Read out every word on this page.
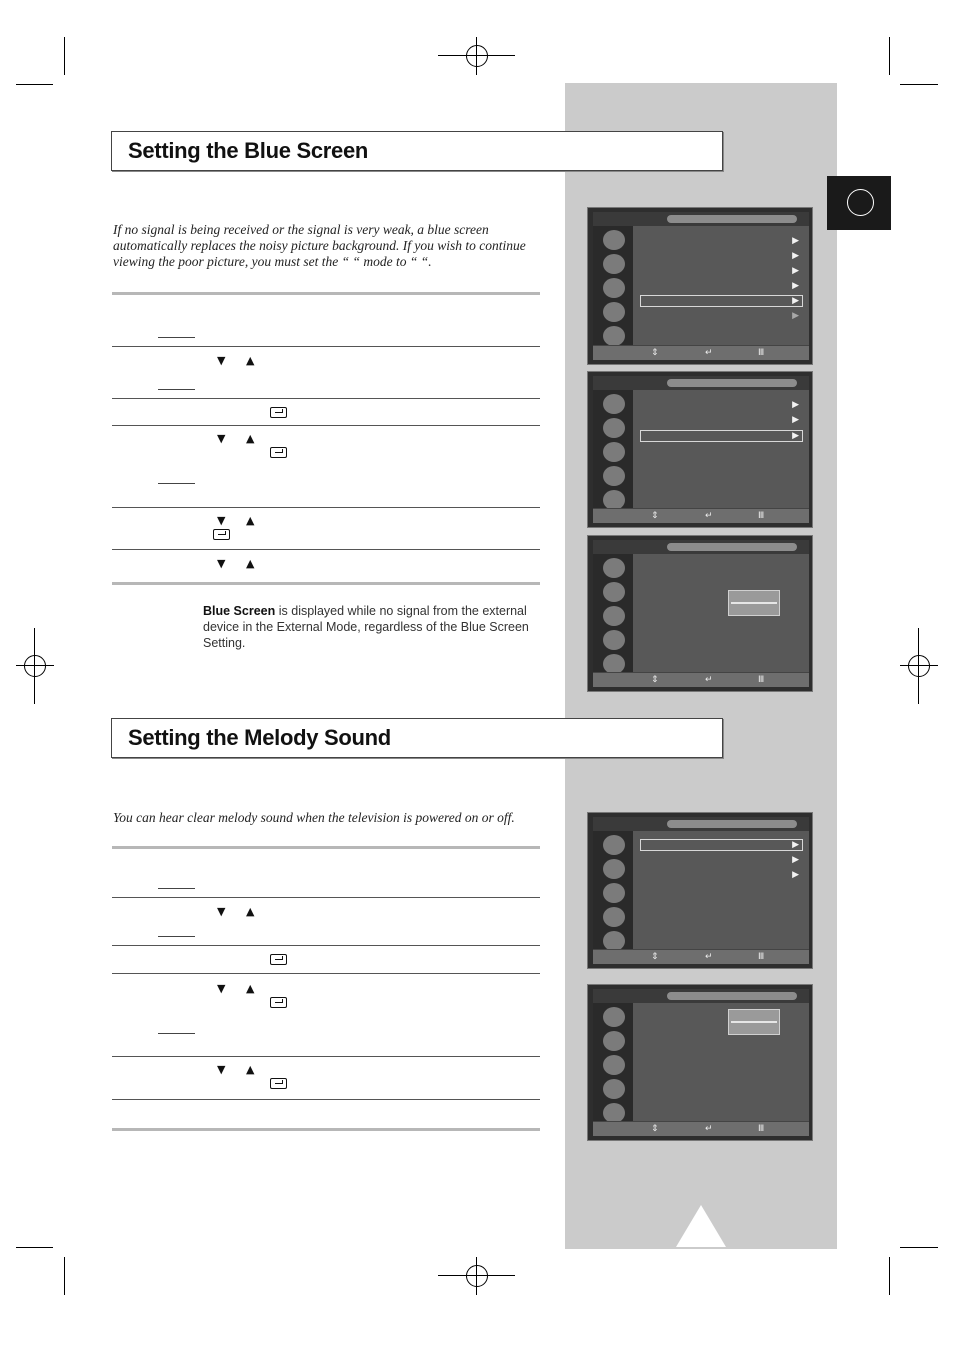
Setting the Blue Screen
If no signal is being received or the signal is very weak, a blue screen automatically replaces the noisy picture background. If you wish to continue viewing the poor picture, you must set the “ “ mode to “ “.
▼ ▲
▼ ▲
▼ ▲
▼ ▲
Blue Screen is displayed while no signal from the external device in the External Mode, regardless of the Blue Screen Setting.
▶
▶
▶
▶
▶
▶
⇕	↵	Ⅲ
▶
▶
▶
⇕	↵	Ⅲ
⇕	↵	Ⅲ
Setting the Melody Sound
You can hear clear melody sound when the television is powered on or off.
▼ ▲
▼ ▲
▼ ▲
▶
▶
▶
⇕	↵	Ⅲ
⇕	↵	Ⅲ
